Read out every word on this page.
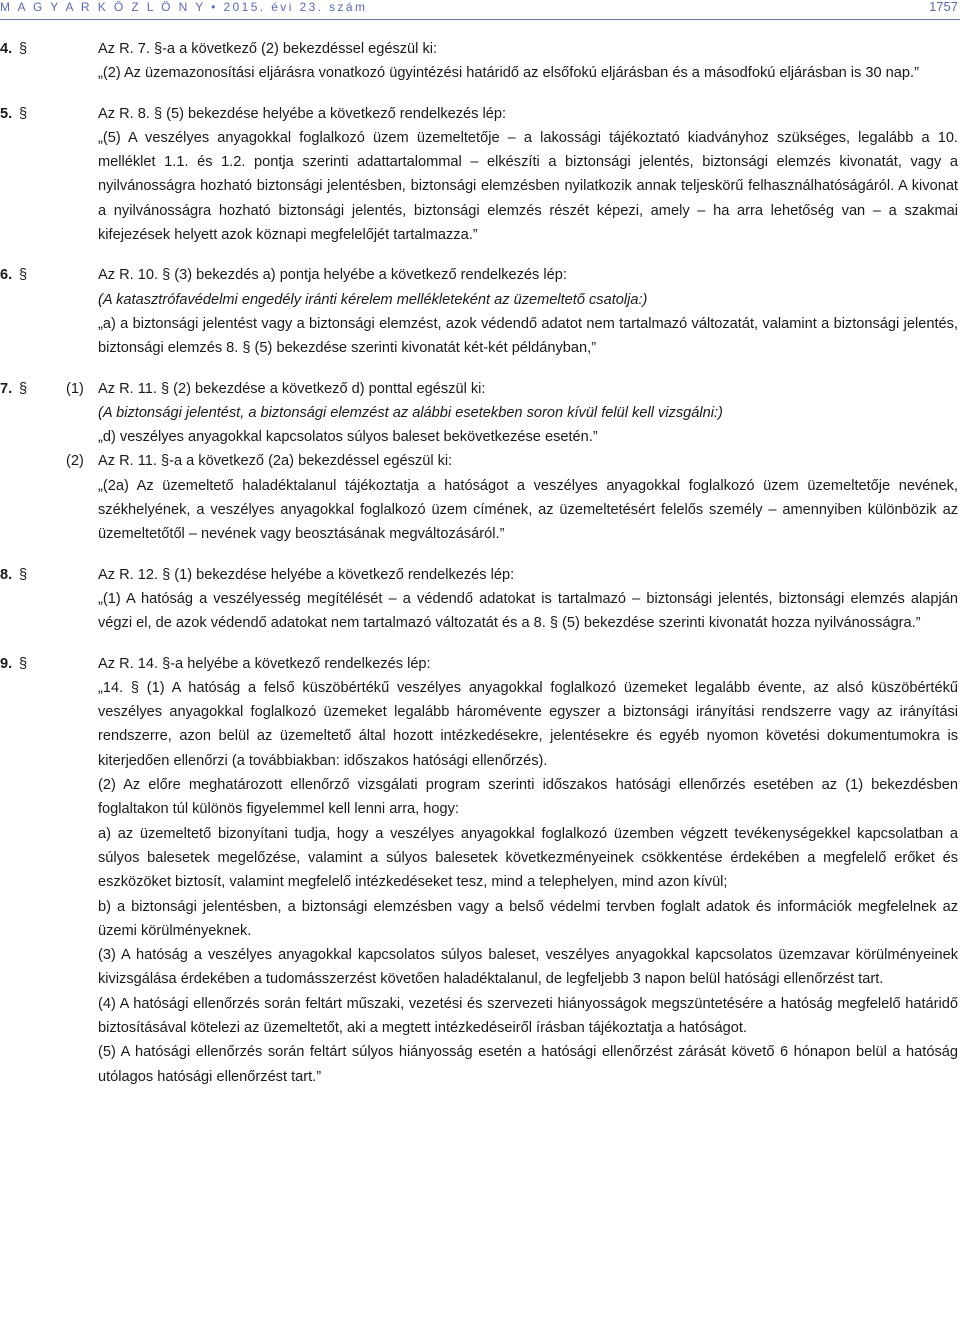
M A G Y A R K Ö Z L Ö N Y • 2015. évi 23. szám	1757
4. §	Az R. 7. §-a a következő (2) bekezdéssel egészül ki:

„(2) Az üzemazonosítási eljárásra vonatkozó ügyintézési határidő az elsőfokú eljárásban és a másodfokú eljárásban is 30 nap.”

5. §	Az R. 8. § (5) bekezdése helyébe a következő rendelkezés lép:

„(5) A veszélyes anyagokkal foglalkozó üzem üzemeltetője – a lakossági tájékoztató kiadványhoz szükséges, legalább a 10. melléklet 1.1. és 1.2. pontja szerinti adattartalommal – elkészíti a biztonsági jelentés, biztonsági elemzés kivonatát, vagy a nyilvánosságra hozható biztonsági jelentésben, biztonsági elemzésben nyilatkozik annak teljeskörű felhasználhatóságáról. A kivonat a nyilvánosságra hozható biztonsági jelentés, biztonsági elemzés részét képezi, amely – ha arra lehetőség van – a szakmai kifejezések helyett azok köznapi megfelelőjét tartalmazza.”

6. §	Az R. 10. § (3) bekezdés a) pontja helyébe a következő rendelkezés lép:

(A katasztrófavédelmi engedély iránti kérelem mellékleteként az üzemeltető csatolja:)

„a) a biztonsági jelentést vagy a biztonsági elemzést, azok védendő adatot nem tartalmazó változatát, valamint a biztonsági jelentés, biztonsági elemzés 8. § (5) bekezdése szerinti kivonatát két-két példányban,”

7. §	(1) Az R. 11. § (2) bekezdése a következő d) ponttal egészül ki:

(A biztonsági jelentést, a biztonsági elemzést az alábbi esetekben soron kívül felül kell vizsgálni:)

„d) veszélyes anyagokkal kapcsolatos súlyos baleset bekövetkezése esetén.”

(2) Az R. 11. §-a a következő (2a) bekezdéssel egészül ki:

„(2a) Az üzemeltető haladéktalanul tájékoztatja a hatóságot a veszélyes anyagokkal foglalkozó üzem üzemeltetője nevének, székhelyének, a veszélyes anyagokkal foglalkozó üzem címének, az üzemeltetésért felelős személy – amennyiben különbözik az üzemeltetőtől – nevének vagy beosztásának megváltozásáról.”

8. §	Az R. 12. § (1) bekezdése helyébe a következő rendelkezés lép:

„(1) A hatóság a veszélyesség megítélését – a védendő adatokat is tartalmazó – biztonsági jelentés, biztonsági elemzés alapján végzi el, de azok védendő adatokat nem tartalmazó változatát és a 8. § (5) bekezdése szerinti kivonatát hozza nyilvánosságra.”

9. §	Az R. 14. §-a helyébe a következő rendelkezés lép:

„14. § (1) A hatóság a felső küszöbértékű veszélyes anyagokkal foglalkozó üzemeket legalább évente, az alsó küszöbértékű veszélyes anyagokkal foglalkozó üzemeket legalább háromévente egyszer a biztonsági irányítási rendszerre vagy az irányítási rendszerre, azon belül az üzemeltető által hozott intézkedésekre, jelentésekre és egyéb nyomon követési dokumentumokra is kiterjedően ellenőrzi (a továbbiakban: időszakos hatósági ellenőrzés).

(2) Az előre meghatározott ellenőrző vizsgálati program szerinti időszakos hatósági ellenőrzés esetében az (1) bekezdésben foglaltakon túl különös figyelemmel kell lenni arra, hogy:

a) az üzemeltető bizonyítani tudja, hogy a veszélyes anyagokkal foglalkozó üzemben végzett tevékenységekkel kapcsolatban a súlyos balesetek megelőzése, valamint a súlyos balesetek következményeinek csökkentése érdekében a megfelelő erőket és eszközöket biztosít, valamint megfelelő intézkedéseket tesz, mind a telephelyen, mind azon kívül;

b) a biztonsági jelentésben, a biztonsági elemzésben vagy a belső védelmi tervben foglalt adatok és információk megfelelnek az üzemi körülményeknek.

(3) A hatóság a veszélyes anyagokkal kapcsolatos súlyos baleset, veszélyes anyagokkal kapcsolatos üzemzavar körülményeinek kivizsgálása érdekében a tudomásszerzést követően haladéktalanul, de legfeljebb 3 napon belül hatósági ellenőrzést tart.

(4) A hatósági ellenőrzés során feltárt műszaki, vezetési és szervezeti hiányosságok megszüntetésére a hatóság megfelelő határidő biztosításával kötelezi az üzemeltetőt, aki a megtett intézkedéseiről írásban tájékoztatja a hatóságot.

(5) A hatósági ellenőrzés során feltárt súlyos hiányosság esetén a hatósági ellenőrzést zárását követő 6 hónapon belül a hatóság utólagos hatósági ellenőrzést tart.”
